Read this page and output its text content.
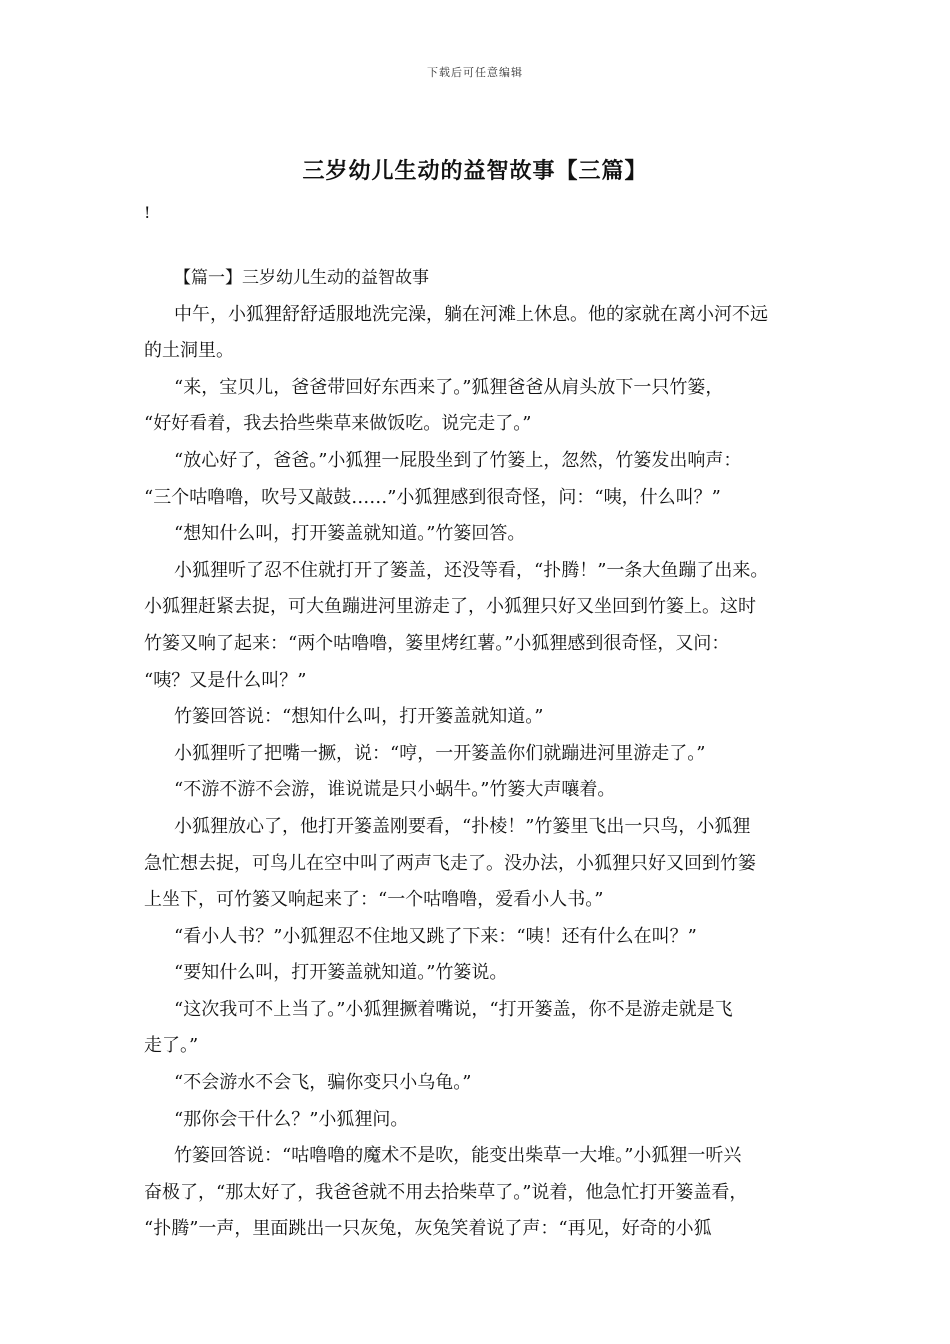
下载后可任意编辑
三岁幼儿生动的益智故事【三篇】
!
【篇一】三岁幼儿生动的益智故事
中午，小狐狸舒舒适服地洗完澡，躺在河滩上休息。他的家就在离小河不远
的土洞里。
“来，宝贝儿，爸爸带回好东西来了。”狐狸爸爸从肩头放下一只竹篓，
“好好看着，我去拾些柴草来做饭吃。说完走了。”
“放心好了，爸爸。”小狐狸一屁股坐到了竹篓上，忽然，竹篓发出响声：
“三个咕噜噜，吹号又敲鼓……”小狐狸感到很奇怪，问：“咦，什么叫？”
“想知什么叫，打开篓盖就知道。”竹篓回答。
小狐狸听了忍不住就打开了篓盖，还没等看，“扑腾！”一条大鱼蹦了出来。
小狐狸赶紧去捉，可大鱼蹦进河里游走了，小狐狸只好又坐回到竹篓上。这时
竹篓又响了起来：“两个咕噜噜，篓里烤红薯。”小狐狸感到很奇怪，又问：
“咦？又是什么叫？”
竹篓回答说：“想知什么叫，打开篓盖就知道。”
小狐狸听了把嘴一撅，说：“哼，一开篓盖你们就蹦进河里游走了。”
“不游不游不会游，谁说谎是只小蜗牛。”竹篓大声嚷着。
小狐狸放心了，他打开篓盖刚要看，“扑棱！”竹篓里飞出一只鸟，小狐狸
急忙想去捉，可鸟儿在空中叫了两声飞走了。没办法，小狐狸只好又回到竹篓
上坐下，可竹篓又响起来了：“一个咕噜噜，爱看小人书。”
“看小人书？”小狐狸忍不住地又跳了下来：“咦！还有什么在叫？”
“要知什么叫，打开篓盖就知道。”竹篓说。
“这次我可不上当了。”小狐狸撅着嘴说，“打开篓盖，你不是游走就是飞
走了。”
“不会游水不会飞，骗你变只小乌龟。”
“那你会干什么？”小狐狸问。
竹篓回答说：“咕噜噜的魔术不是吹，能变出柴草一大堆。”小狐狸一听兴
奋极了，“那太好了，我爸爸就不用去拾柴草了。”说着，他急忙打开篓盖看，
“扑腾”一声，里面跳出一只灰兔，灰兔笑着说了声：“再见，好奇的小狐
